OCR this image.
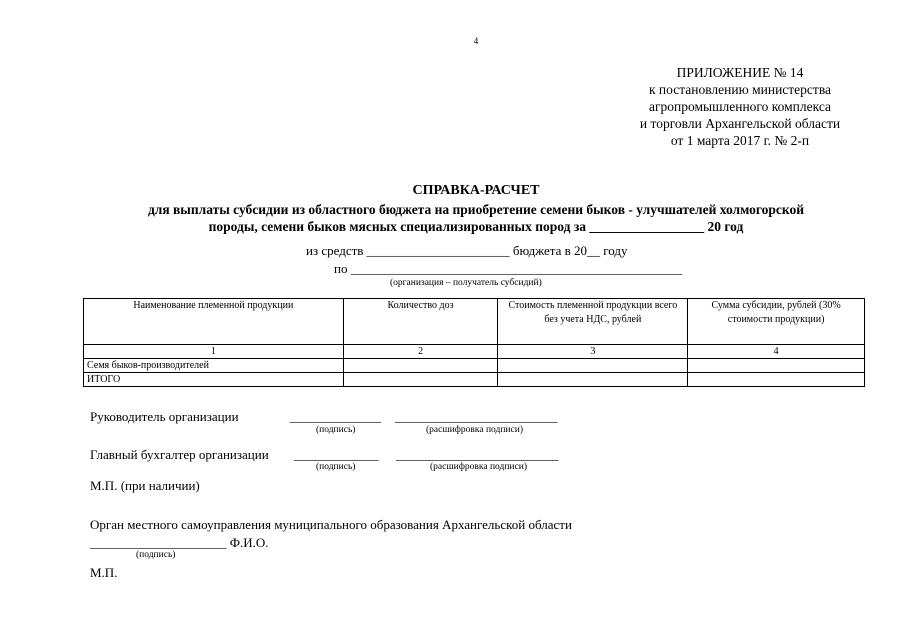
4
ПРИЛОЖЕНИЕ № 14
к постановлению министерства
агропромышленного комплекса
и торговли Архангельской области
от 1 марта 2017 г. № 2-п
СПРАВКА-РАСЧЕТ
для выплаты субсидии из областного бюджета на приобретение семени быков - улучшателей холмогорской
породы, семени быков мясных специализированных пород за _________________ 20 год
из средств ______________________ бюджета в 20__ году
по ___________________________________________________
(организация – получатель субсидий)
Наименование племенной продукции	Количество доз	Стоимость племенной продукции всего без учета НДС, рублей	Сумма субсидии, рублей (30% стоимости продукции)
1	2	3	4
Семя быков-производителей			
ИТОГО			
Руководитель организации	______________ _________________________
(подпись)	(расшифровка подписи)
Главный бухгалтер организации _____________ _________________________
(подпись)	(расшифровка подписи)
М.П. (при наличии)
Орган местного самоуправления муниципального образования Архангельской области
_____________________ Ф.И.О.
(подпись)
М.П.
